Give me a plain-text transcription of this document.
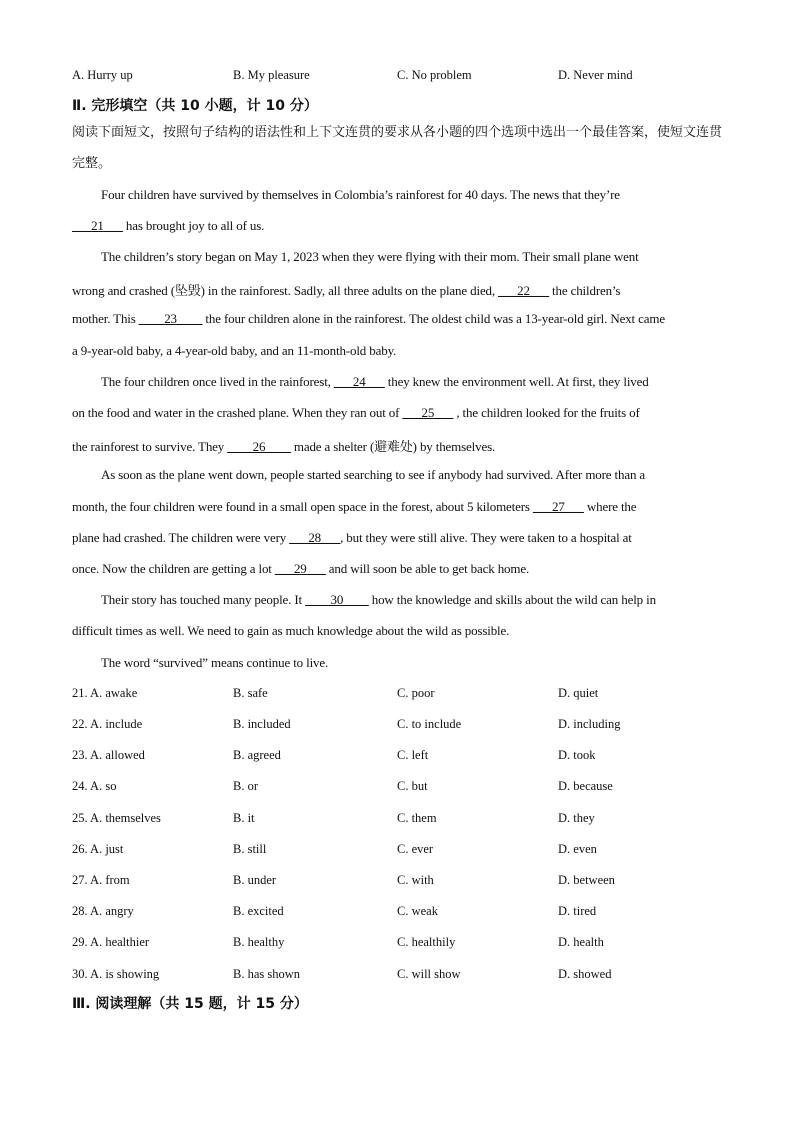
A. Hurry up	B. My pleasure	C. No problem	D. Never mind
Ⅱ. 完形填空（共 10 小题，计 10 分）
阅读下面短文，按照句子结构的语法性和上下文连贯的要求从各小题的四个选项中选出一个最佳答案，使短文连贯完整。
Four children have survived by themselves in Colombia’s rainforest for 40 days. The news that they’re
___21___ has brought joy to all of us.
The children’s story began on May 1, 2023 when they were flying with their mom. Their small plane went
wrong and crashed (坠毁) in the rainforest. Sadly, all three adults on the plane died, ___22___ the children’s
mother. This ____23____ the four children alone in the rainforest. The oldest child was a 13-year-old girl. Next came
a 9-year-old baby, a 4-year-old baby, and an 11-month-old baby.
The four children once lived in the rainforest, ___24___ they knew the environment well. At first, they lived
on the food and water in the crashed plane. When they ran out of ___25___ , the children looked for the fruits of
the rainforest to survive. They ____26____ made a shelter (避难处) by themselves.
As soon as the plane went down, people started searching to see if anybody had survived. After more than a
month, the four children were found in a small open space in the forest, about 5 kilometers ___27___ where the
plane had crashed. The children were very ___28___, but they were still alive. They were taken to a hospital at
once. Now the children are getting a lot ___29___ and will soon be able to get back home.
Their story has touched many people. It ____30____ how the knowledge and skills about the wild can help in
difficult times as well. We need to gain as much knowledge about the wild as possible.
The word “survived” means continue to live.
21. A. awake	B. safe	C. poor	D. quiet
22. A. include	B. included	C. to include	D. including
23. A. allowed	B. agreed	C. left	D. took
24. A. so	B. or	C. but	D. because
25. A. themselves	B. it	C. them	D. they
26. A. just	B. still	C. ever	D. even
27. A. from	B. under	C. with	D. between
28. A. angry	B. excited	C. weak	D. tired
29. A. healthier	B. healthy	C. healthily	D. health
30. A. is showing	B. has shown	C. will show	D. showed
Ⅲ. 阅读理解（共 15 题，计 15 分）
